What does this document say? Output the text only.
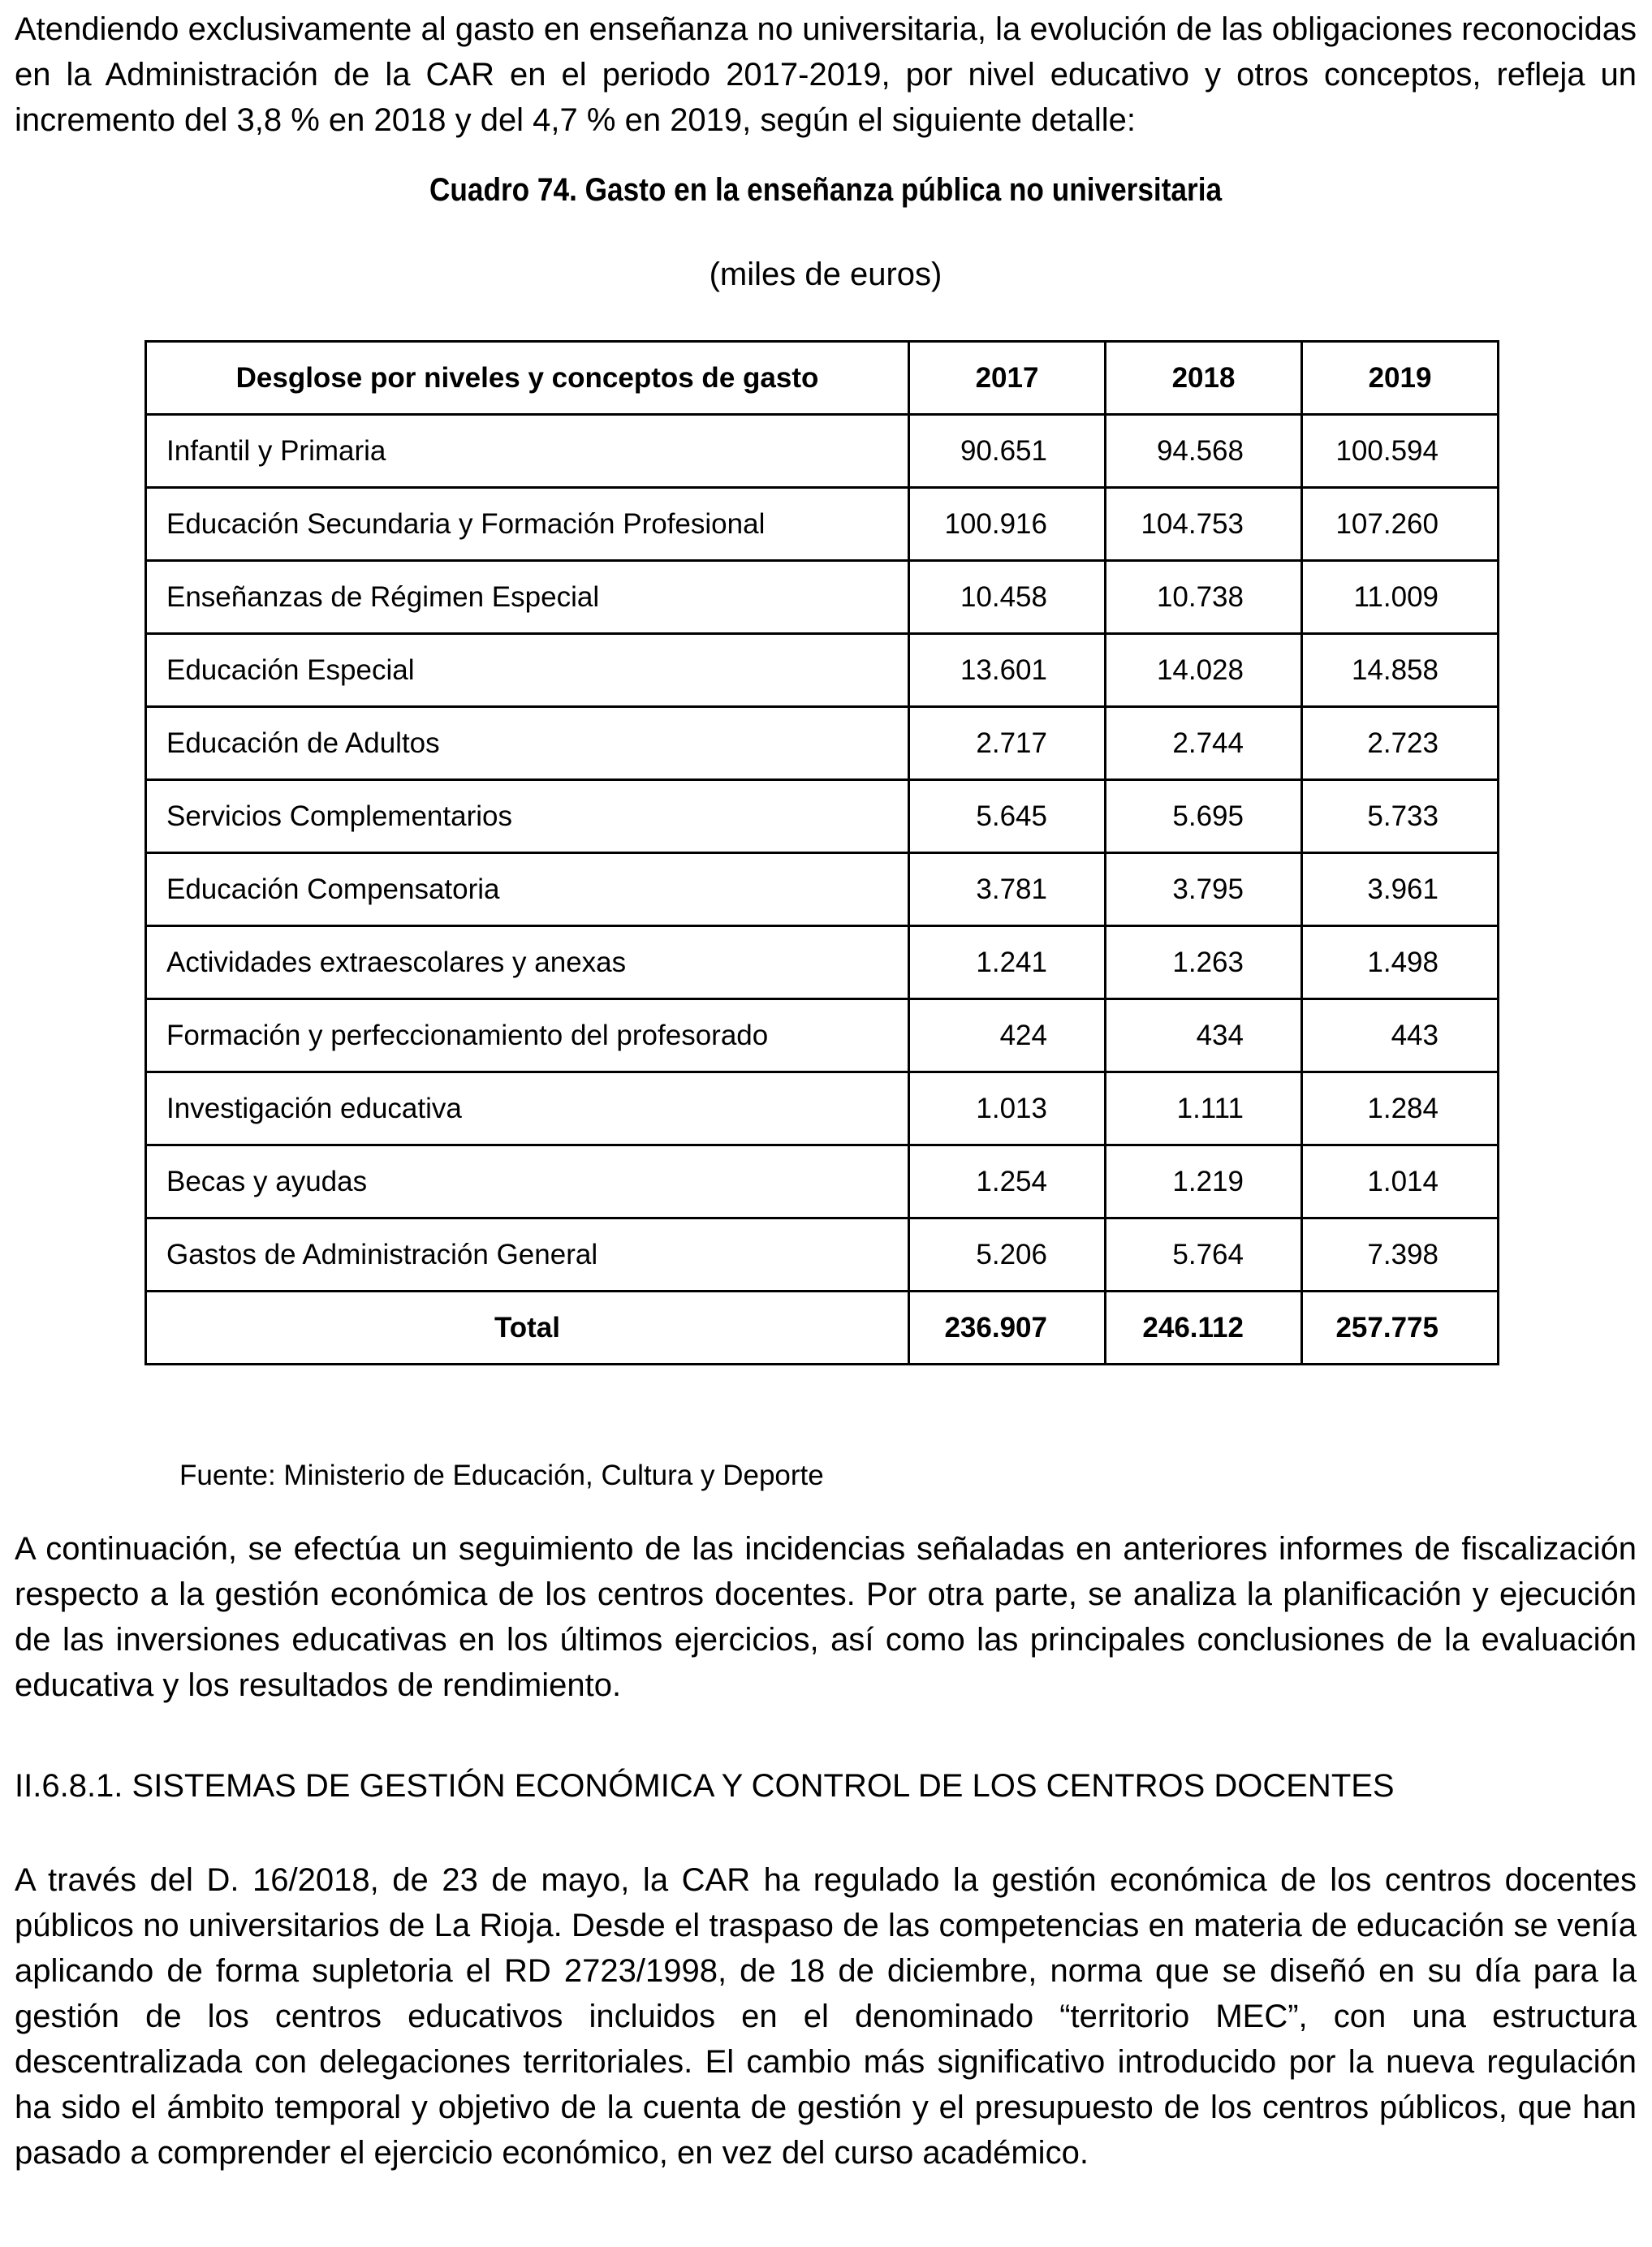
Atendiendo exclusivamente al gasto en enseñanza no universitaria, la evolución de las obligaciones reconocidas en la Administración de la CAR en el periodo 2017-2019, por nivel educativo y otros conceptos, refleja un incremento del 3,8 % en 2018 y del 4,7 % en 2019, según el siguiente detalle:

Cuadro 74. Gasto en la enseñanza pública no universitaria
(miles de euros)
Desglose por niveles y conceptos de gasto	2017	2018	2019
Infantil y Primaria	90.651	94.568	100.594
Educación Secundaria y Formación Profesional	100.916	104.753	107.260
Enseñanzas de Régimen Especial	10.458	10.738	11.009
Educación Especial	13.601	14.028	14.858
Educación de Adultos	2.717	2.744	2.723
Servicios Complementarios	5.645	5.695	5.733
Educación Compensatoria	3.781	3.795	3.961
Actividades extraescolares y anexas	1.241	1.263	1.498
Formación y perfeccionamiento del profesorado	424	434	443
Investigación educativa	1.013	1.111	1.284
Becas y ayudas	1.254	1.219	1.014
Gastos de Administración General	5.206	5.764	7.398
Total	236.907	246.112	257.775
Fuente: Ministerio de Educación, Cultura y Deporte

A continuación, se efectúa un seguimiento de las incidencias señaladas en anteriores informes de fiscalización respecto a la gestión económica de los centros docentes. Por otra parte, se analiza la planificación y ejecución de las inversiones educativas en los últimos ejercicios, así como las principales conclusiones de la evaluación educativa y los resultados de rendimiento.

II.6.8.1. SISTEMAS DE GESTIÓN ECONÓMICA Y CONTROL DE LOS CENTROS DOCENTES

A través del D. 16/2018, de 23 de mayo, la CAR ha regulado la gestión económica de los centros docentes públicos no universitarios de La Rioja. Desde el traspaso de las competencias en materia de educación se venía aplicando de forma supletoria el RD 2723/1998, de 18 de diciembre, norma que se diseñó en su día para la gestión de los centros educativos incluidos en el denominado “territorio MEC”, con una estructura descentralizada con delegaciones territoriales. El cambio más significativo introducido por la nueva regulación ha sido el ámbito temporal y objetivo de la cuenta de gestión y el presupuesto de los centros públicos, que han pasado a comprender el ejercicio económico, en vez del curso académico.
